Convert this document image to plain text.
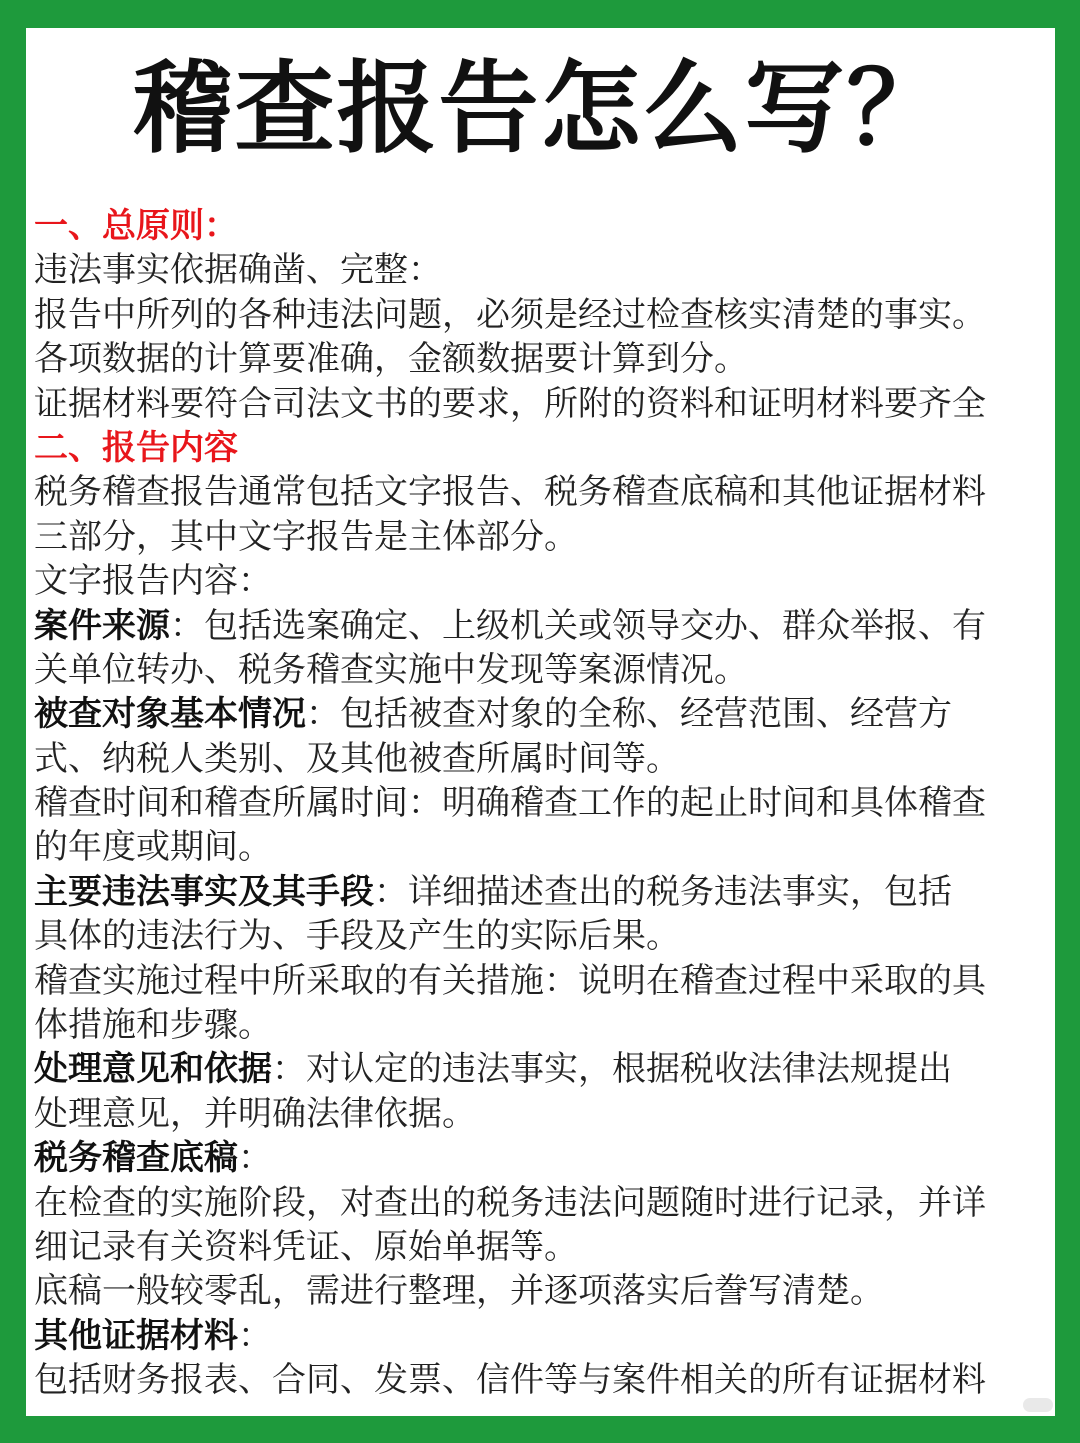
稽查报告怎么写？
一、总原则：
违法事实依据确凿、完整：
报告中所列的各种违法问题，必须是经过检查核实清楚的事实。
各项数据的计算要准确，金额数据要计算到分。
证据材料要符合司法文书的要求，所附的资料和证明材料要齐全
二、报告内容
税务稽查报告通常包括文字报告、税务稽查底稿和其他证据材料
三部分，其中文字报告是主体部分。
文字报告内容：
案件来源：包括选案确定、上级机关或领导交办、群众举报、有
关单位转办、税务稽查实施中发现等案源情况。
被查对象基本情况：包括被查对象的全称、经营范围、经营方
式、纳税人类别、及其他被查所属时间等。
稽查时间和稽查所属时间：明确稽查工作的起止时间和具体稽查
的年度或期间。
主要违法事实及其手段：详细描述查出的税务违法事实，包括
具体的违法行为、手段及产生的实际后果。
稽查实施过程中所采取的有关措施：说明在稽查过程中采取的具
体措施和步骤。
处理意见和依据：对认定的违法事实，根据税收法律法规提出
处理意见，并明确法律依据。
税务稽查底稿：
在检查的实施阶段，对查出的税务违法问题随时进行记录，并详
细记录有关资料凭证、原始单据等。
底稿一般较零乱，需进行整理，并逐项落实后誊写清楚。
其他证据材料：
包括财务报表、合同、发票、信件等与案件相关的所有证据材料
